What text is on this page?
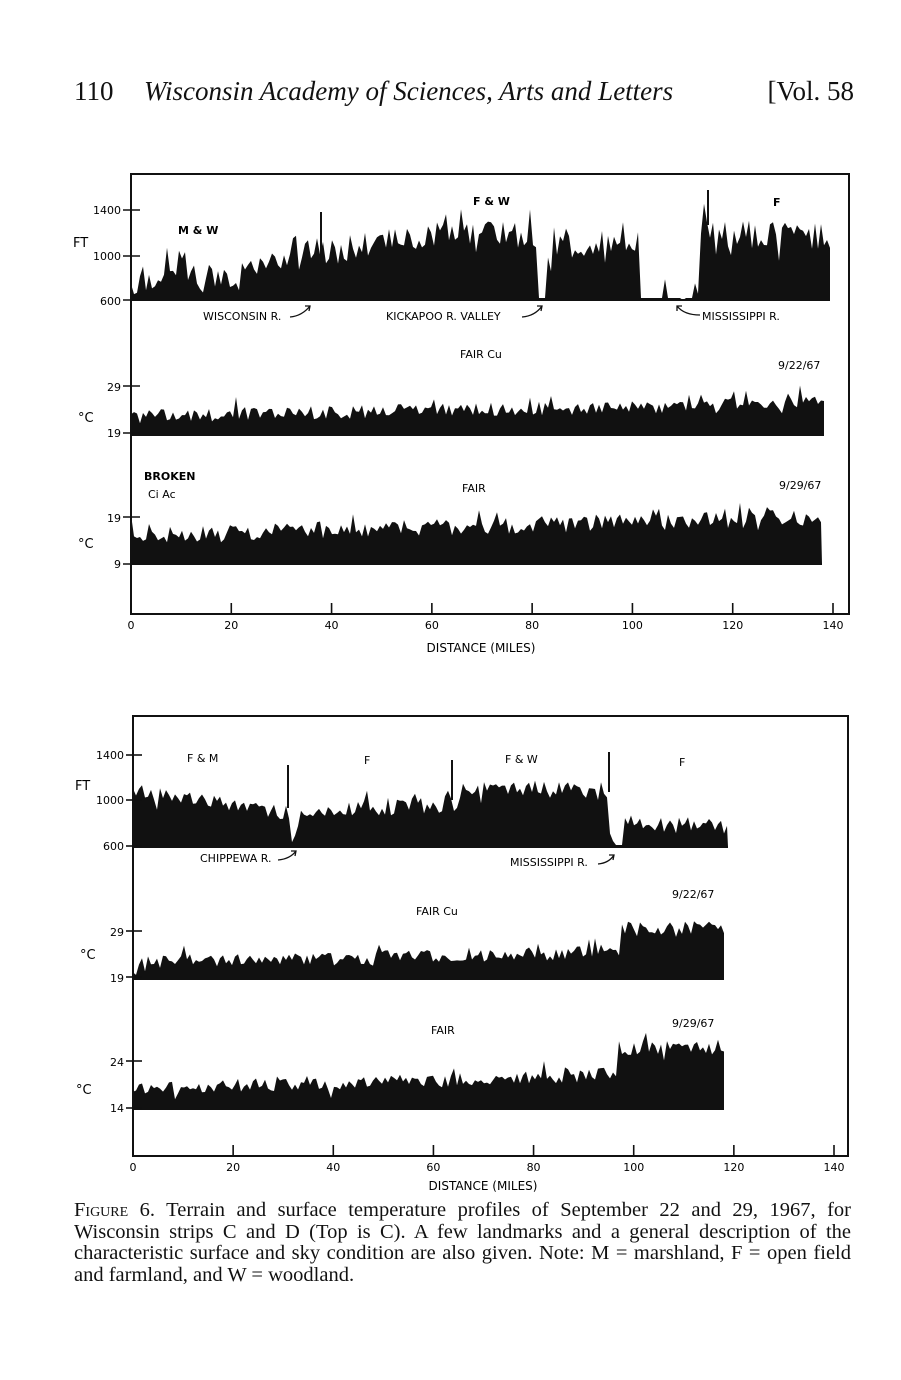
110 Wisconsin Academy of Sciences, Arts and Letters	[Vol. 58
1400
1000
600
FT
M & W
F & W	F
WISCONSIN R.	KICKAPOO R. VALLEY	MISSISSIPPI R.
29
19
°C
FAIR Cu
9/22/67
19
9
°C
BROKEN
Ci Ac	FAIR	9/29/67
0	20	40	60	80	100	120	140
DISTANCE (MILES)
1400
1000
600
FT
F & M	F	F & W	F
CHIPPEWA R.	MISSISSIPPI R.
29
19
°C
FAIR Cu
9/22/67
24
14
°C
FAIR
9/29/67
0	20	40	60	80	100	120	140
DISTANCE (MILES)
Figure 6. Terrain and surface temperature profiles of September 22 and 29, 1967, for Wisconsin strips C and D (Top is C). A few landmarks and a general description of the characteristic surface and sky condition are also given. Note: M = marshland, F = open field and farmland, and W = woodland.
